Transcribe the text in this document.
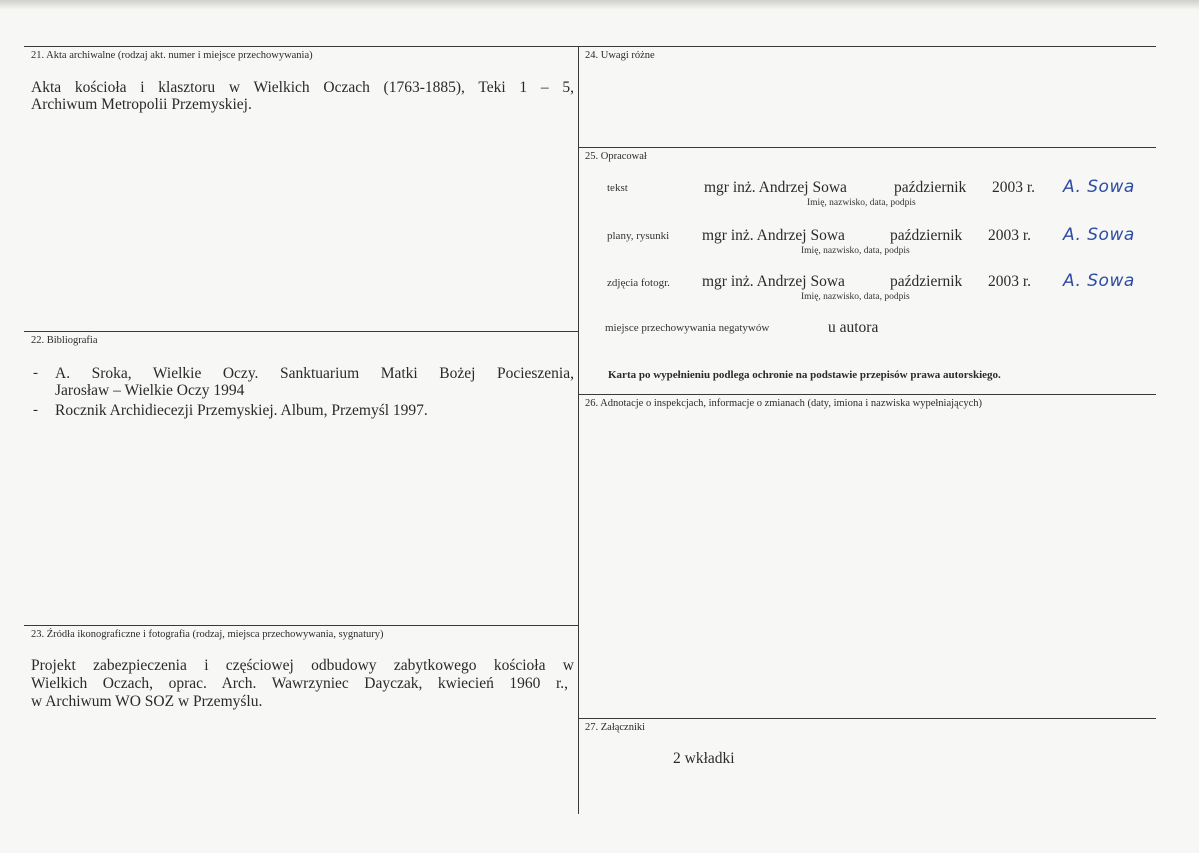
21. Akta archiwalne (rodzaj akt. numer i miejsce przechowywania)
Akta kościoła i klasztoru w Wielkich Oczach (1763-1885), Teki 1 – 5,
Archiwum Metropolii Przemyskiej.
22. Bibliografia
- A. Sroka, Wielkie Oczy. Sanktuarium Matki Bożej Pocieszenia,
Jarosław – Wielkie Oczy 1994
- Rocznik Archidiecezji Przemyskiej. Album, Przemyśl 1997.
23. Źródła ikonograficzne i fotografia (rodzaj, miejsca przechowywania, sygnatury)
Projekt zabezpieczenia i częściowej odbudowy zabytkowego kościoła w
Wielkich Oczach, oprac. Arch. Wawrzyniec Dayczak, kwiecień 1960 r.,
w Archiwum WO SOZ w Przemyślu.
24. Uwagi różne
25. Opracował
tekst	mgr inż. Andrzej Sowa	październik 2003 r.
Imię, nazwisko, data, podpis
A. Sowa
plany, rysunki mgr inż. Andrzej Sowa	październik 2003 r.
Imię, nazwisko, data, podpis
A. Sowa
zdjęcia fotogr. mgr inż. Andrzej Sowa	październik 2003 r.
Imię, nazwisko, data, podpis
A. Sowa
miejsce przechowywania negatywów	u autora
Karta po wypełnieniu podlega ochronie na podstawie przepisów prawa autorskiego.
26. Adnotacje o inspekcjach, informacje o zmianach (daty, imiona i nazwiska wypełniających)
27. Załączniki
2 wkładki
